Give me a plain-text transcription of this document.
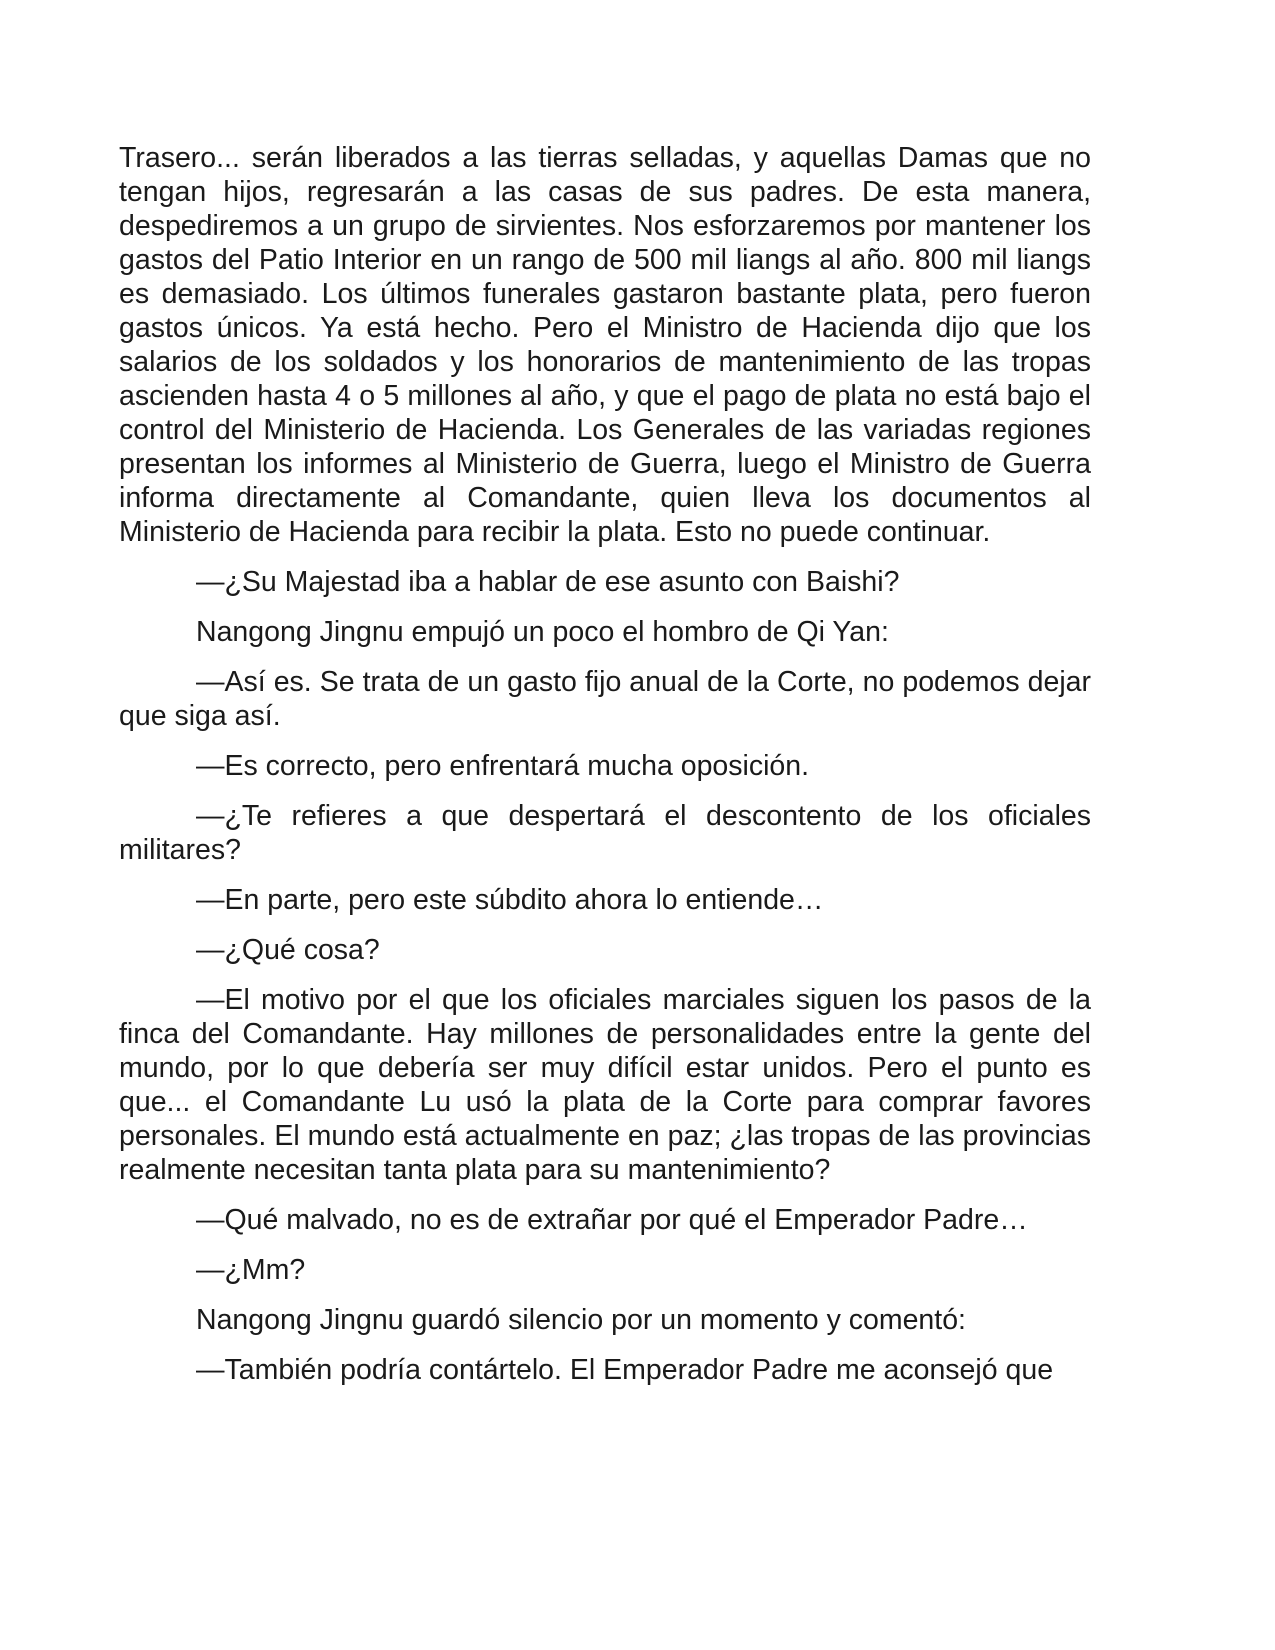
Trasero... serán liberados a las tierras selladas, y aquellas Damas que no tengan hijos, regresarán a las casas de sus padres. De esta manera, despediremos a un grupo de sirvientes. Nos esforzaremos por mantener los gastos del Patio Interior en un rango de 500 mil liangs al año. 800 mil liangs es demasiado. Los últimos funerales gastaron bastante plata, pero fueron gastos únicos. Ya está hecho. Pero el Ministro de Hacienda dijo que los salarios de los soldados y los honorarios de mantenimiento de las tropas ascienden hasta 4 o 5 millones al año, y que el pago de plata no está bajo el control del Ministerio de Hacienda. Los Generales de las variadas regiones presentan los informes al Ministerio de Guerra, luego el Ministro de Guerra informa directamente al Comandante, quien lleva los documentos al Ministerio de Hacienda para recibir la plata. Esto no puede continuar.

—¿Su Majestad iba a hablar de ese asunto con Baishi?

Nangong Jingnu empujó un poco el hombro de Qi Yan:

—Así es. Se trata de un gasto fijo anual de la Corte, no podemos dejar que siga así.

—Es correcto, pero enfrentará mucha oposición.

—¿Te refieres a que despertará el descontento de los oficiales militares?

—En parte, pero este súbdito ahora lo entiende…

—¿Qué cosa?

—El motivo por el que los oficiales marciales siguen los pasos de la finca del Comandante. Hay millones de personalidades entre la gente del mundo, por lo que debería ser muy difícil estar unidos. Pero el punto es que... el Comandante Lu usó la plata de la Corte para comprar favores personales. El mundo está actualmente en paz; ¿las tropas de las provincias realmente necesitan tanta plata para su mantenimiento?

—Qué malvado, no es de extrañar por qué el Emperador Padre…

—¿Mm?

Nangong Jingnu guardó silencio por un momento y comentó:

—También podría contártelo. El Emperador Padre me aconsejó que
